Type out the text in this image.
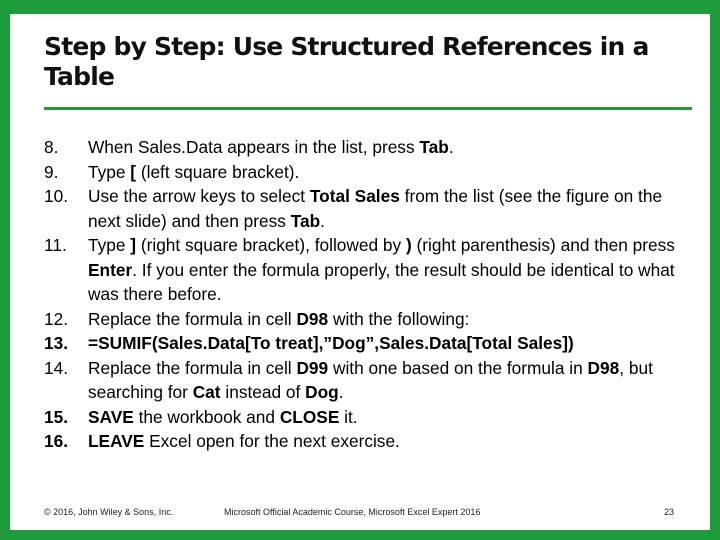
Step by Step: Use Structured References in a Table
8.	When Sales.Data appears in the list, press Tab.
9.	Type [ (left square bracket).
10.	Use the arrow keys to select Total Sales from the list (see the figure on the next slide) and then press Tab.
11.	Type ] (right square bracket), followed by ) (right parenthesis) and then press Enter. If you enter the formula properly, the result should be identical to what was there before.
12.	Replace the formula in cell D98 with the following:
13.	=SUMIF(Sales.Data[To treat],”Dog”,Sales.Data[Total Sales])
14.	Replace the formula in cell D99 with one based on the formula in D98, but searching for Cat instead of Dog.
15.	SAVE the workbook and CLOSE it.
16.	LEAVE Excel open for the next exercise.
© 2016, John Wiley & Sons, Inc.	Microsoft Official Academic Course, Microsoft Excel Expert 2016	23
